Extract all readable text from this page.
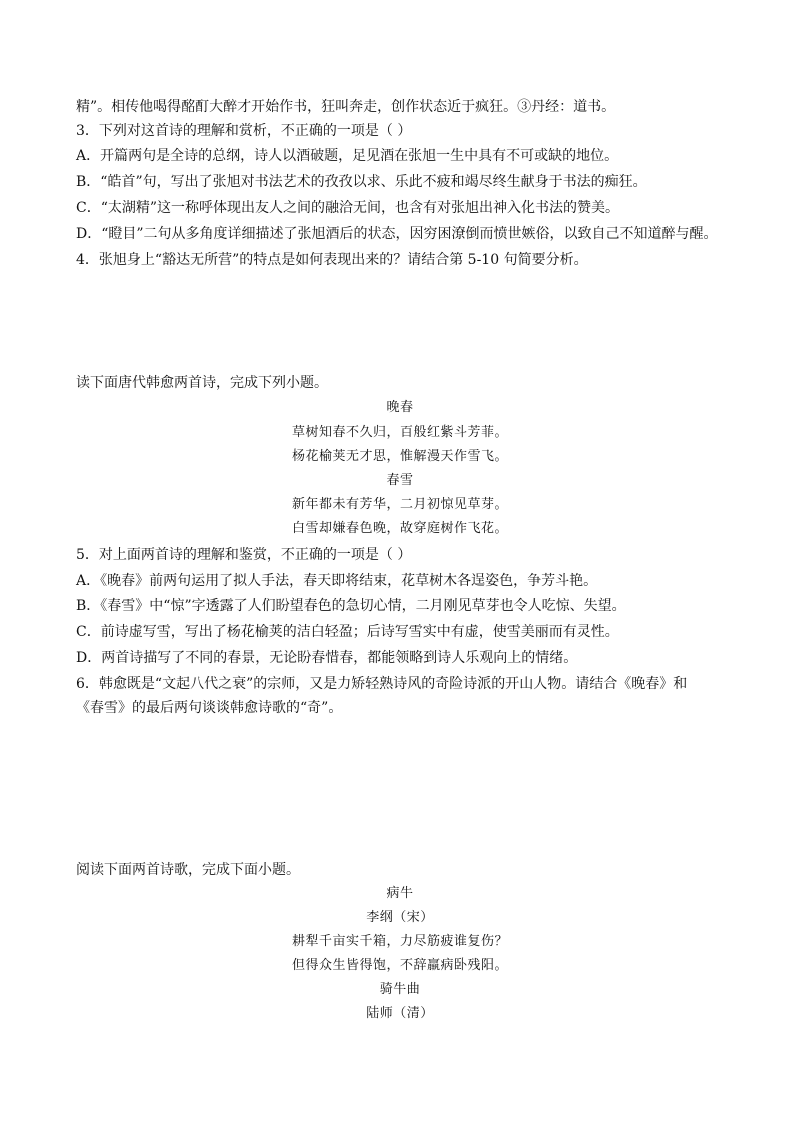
精”。相传他喝得酩酊大醉才开始作书，狂叫奔走，创作状态近于疯狂。③丹经：道书。
3．下列对这首诗的理解和赏析，不正确的一项是（ ）
A．开篇两句是全诗的总纲，诗人以酒破题，足见酒在张旭一生中具有不可或缺的地位。
B．“皓首”句，写出了张旭对书法艺术的孜孜以求、乐此不疲和竭尽终生献身于书法的痴狂。
C．“太湖精”这一称呼体现出友人之间的融洽无间，也含有对张旭出神入化书法的赞美。
D．“瞪目”二句从多角度详细描述了张旭酒后的状态，因穷困潦倒而愤世嫉俗，以致自己不知道醉与醒。
4．张旭身上“豁达无所营”的特点是如何表现出来的？请结合第 5-10 句简要分析。
读下面唐代韩愈两首诗，完成下列小题。
晚春
草树知春不久归，百般红紫斗芳菲。
杨花榆荚无才思，惟解漫天作雪飞。
春雪
新年都未有芳华，二月初惊见草芽。
白雪却嫌春色晚，故穿庭树作飞花。
5．对上面两首诗的理解和鉴赏，不正确的一项是（ ）
A．《晚春》前两句运用了拟人手法，春天即将结束，花草树木各逞姿色，争芳斗艳。
B．《春雪》中“惊”字透露了人们盼望春色的急切心情，二月刚见草芽也令人吃惊、失望。
C．前诗虚写雪，写出了杨花榆荚的洁白轻盈；后诗写雪实中有虚，使雪美丽而有灵性。
D．两首诗描写了不同的春景，无论盼春惜春，都能领略到诗人乐观向上的情绪。
6．韩愈既是“文起八代之衰”的宗师，又是力矫轻熟诗风的奇险诗派的开山人物。请结合《晚春》和
《春雪》的最后两句谈谈韩愈诗歌的“奇”。
阅读下面两首诗歌，完成下面小题。
病牛
李纲（宋）
耕犁千亩实千箱，力尽筋疲谁复伤？
但得众生皆得饱，不辞羸病卧残阳。
骑牛曲
陆师（清）
